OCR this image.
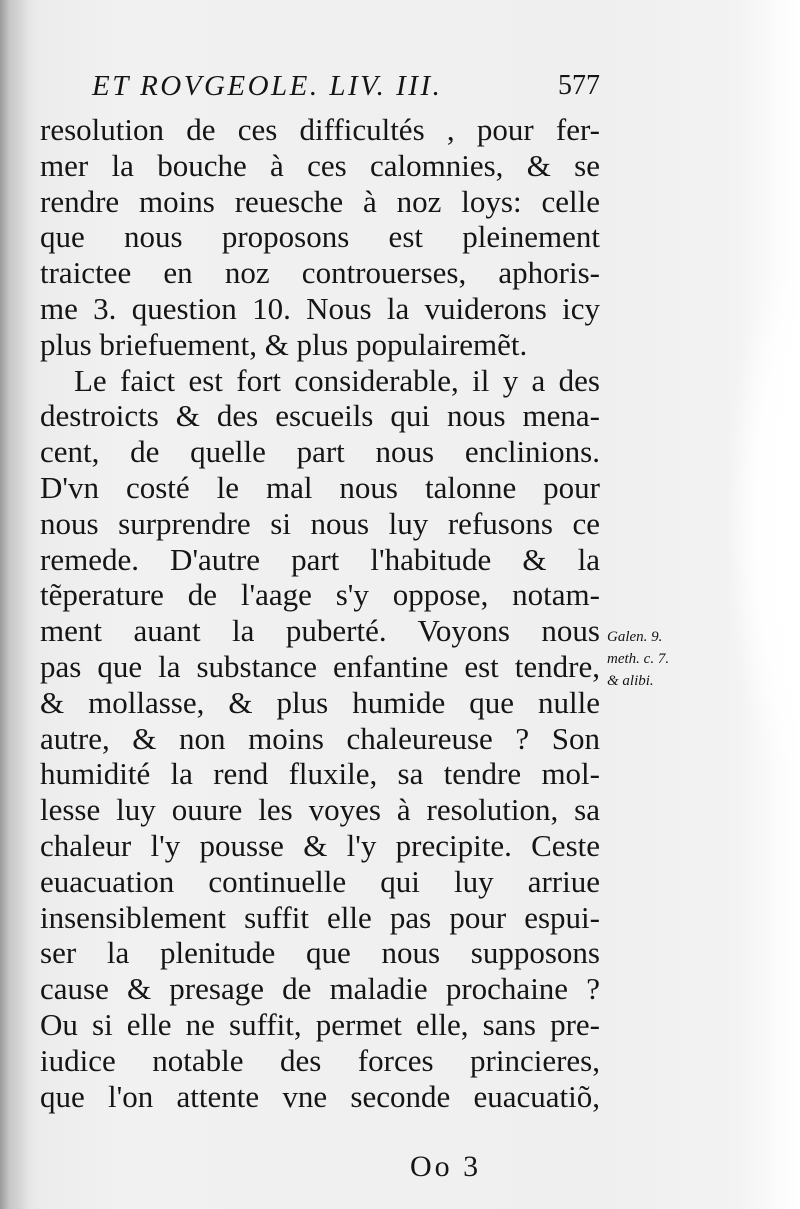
ET ROVGEOLE. LIV. III.	577
resolution de ces difficultés , pour fer-
mer la bouche à ces calomnies, & se
rendre moins reuesche à noz loys: celle
que nous proposons est pleinement
traictee en noz controuerses, aphoris-
me 3. question 10. Nous la vuiderons icy
plus briefuement, & plus populairemẽt.
Le faict est fort considerable, il y a des
destroicts & des escueils qui nous mena-
cent, de quelle part nous enclinions.
D'vn costé le mal nous talonne pour
nous surprendre si nous luy refusons ce
remede. D'autre part l'habitude & la
tẽperature de l'aage s'y oppose, notam-
ment auant la puberté. Voyons nous
pas que la substance enfantine est tendre,
& mollasse, & plus humide que nulle
autre, & non moins chaleureuse ? Son
humidité la rend fluxile, sa tendre mol-
lesse luy ouure les voyes à resolution, sa
chaleur l'y pousse & l'y precipite. Ceste
euacuation continuelle qui luy arriue
insensiblement suffit elle pas pour espui-
ser la plenitude que nous supposons
cause & presage de maladie prochaine ?
Ou si elle ne suffit, permet elle, sans pre-
iudice notable des forces princieres,
que l'on attente vne seconde euacuatiõ,
Galen. 9.
meth. c. 7.
& alibi.
Oo 3
